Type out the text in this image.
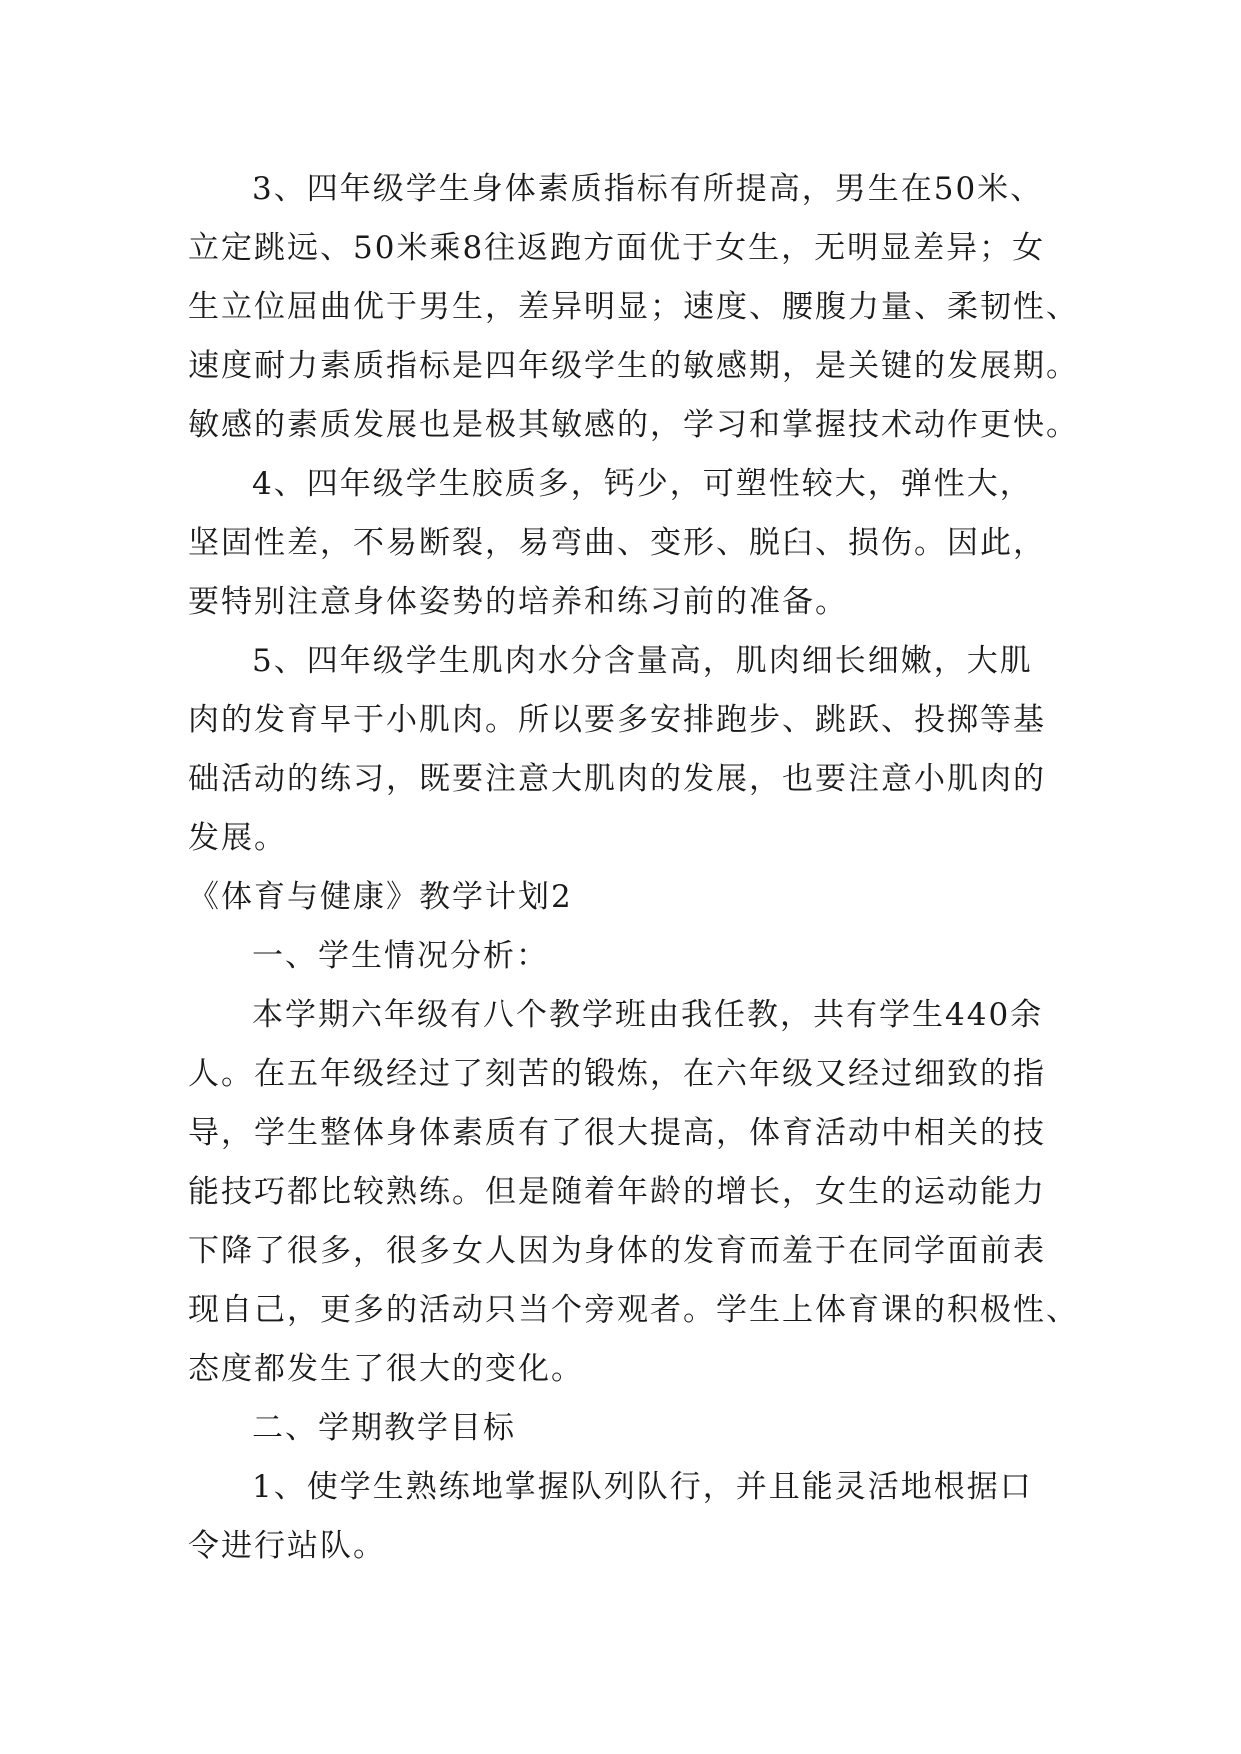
3、四年级学生身体素质指标有所提高，男生在50米、
立定跳远、50米乘8往返跑方面优于女生，无明显差异；女
生立位屈曲优于男生，差异明显；速度、腰腹力量、柔韧性、
速度耐力素质指标是四年级学生的敏感期，是关键的发展期。
敏感的素质发展也是极其敏感的，学习和掌握技术动作更快。
4、四年级学生胶质多，钙少，可塑性较大，弹性大，
坚固性差，不易断裂，易弯曲、变形、脱臼、损伤。因此，
要特别注意身体姿势的培养和练习前的准备。
5、四年级学生肌肉水分含量高，肌肉细长细嫩，大肌
肉的发育早于小肌肉。所以要多安排跑步、跳跃、投掷等基
础活动的练习，既要注意大肌肉的发展，也要注意小肌肉的
发展。
《体育与健康》教学计划2
一、学生情况分析：
本学期六年级有八个教学班由我任教，共有学生440余
人。在五年级经过了刻苦的锻炼，在六年级又经过细致的指
导，学生整体身体素质有了很大提高，体育活动中相关的技
能技巧都比较熟练。但是随着年龄的增长，女生的运动能力
下降了很多，很多女人因为身体的发育而羞于在同学面前表
现自己，更多的活动只当个旁观者。学生上体育课的积极性、
态度都发生了很大的变化。
二、学期教学目标
1、使学生熟练地掌握队列队行，并且能灵活地根据口
令进行站队。
